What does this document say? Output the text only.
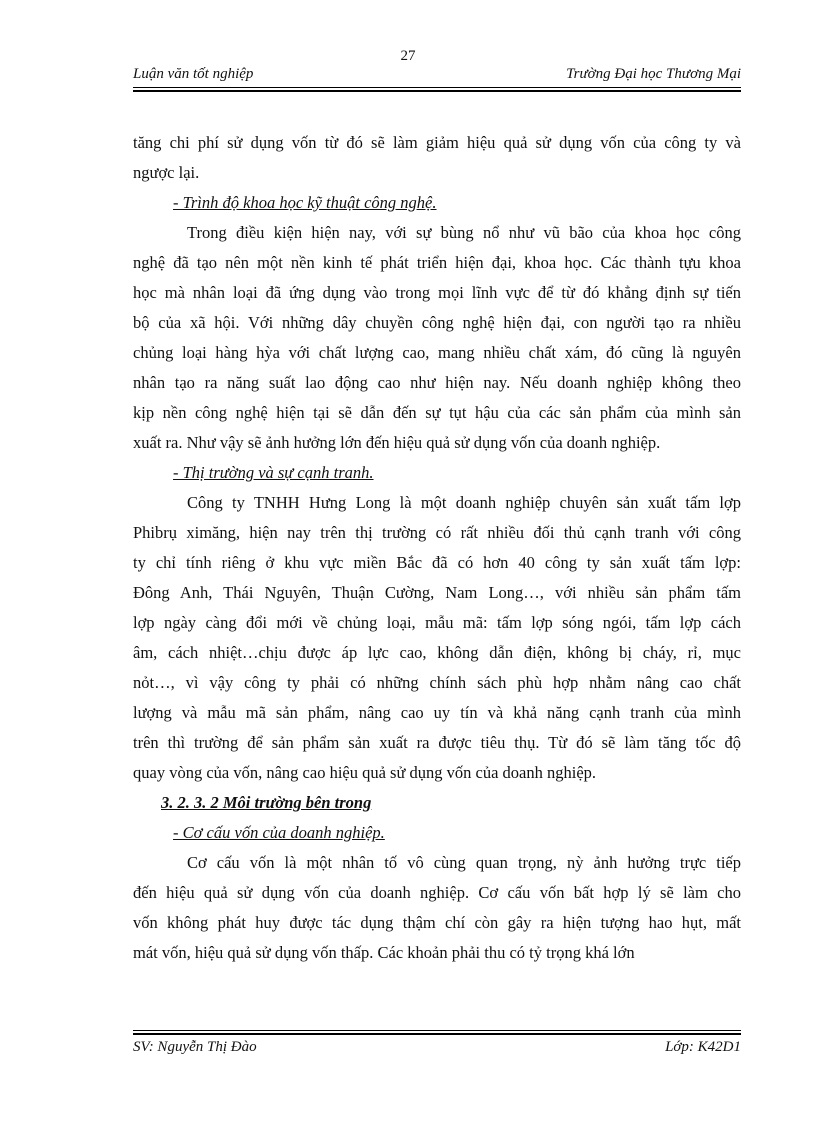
27
Luận văn tốt nghiệp	Trường Đại học Thương Mại
tăng chi phí sử dụng vốn từ đó sẽ làm giảm hiệu quả sử dụng vốn của công ty và
ngược lại.
- Trình độ khoa học kỹ thuật công nghệ.
Trong điều kiện hiện nay, với sự bùng nổ như vũ bão của khoa học công
nghệ đã tạo nên một nền kinh tế phát triển hiện đại, khoa học. Các thành tựu khoa
học mà nhân loại đã ứng dụng vào trong mọi lĩnh vực để từ đó khẳng định sự tiến
bộ của xã hội. Với những dây chuyền công nghệ hiện đại, con người tạo ra nhiều
chủng loại hàng hỳa với chất lượng cao, mang nhiều chất xám, đó cũng là nguyên
nhân tạo ra năng suất lao động cao như hiện nay. Nếu doanh nghiệp không theo
kịp nền công nghệ hiện tại sẽ dẫn đến sự tụt hậu của các sản phẩm của mình sản
xuất ra. Như vậy sẽ ảnh hưởng lớn đến hiệu quả sử dụng vốn của doanh nghiệp.
- Thị trường và sự cạnh tranh.
Công ty TNHH Hưng Long là một doanh nghiệp chuyên sản xuất tấm lợp
Phibrụ ximăng, hiện nay trên thị trường có rất nhiều đối thủ cạnh tranh với công
ty chỉ tính riêng ở khu vực miền Bắc đã có hơn 40 công ty sản xuất tấm lợp:
Đông Anh, Thái Nguyên, Thuận Cường, Nam Long…, với nhiều sản phẩm tấm
lợp ngày càng đổi mới về chủng loại, mẫu mã: tấm lợp sóng ngói, tấm lợp cách
âm, cách nhiệt…chịu được áp lực cao, không dẫn điện, không bị cháy, rỉ, mục
nỏt…, vì vậy công ty phải có những chính sách phù hợp nhằm nâng cao chất
lượng và mẫu mã sản phẩm, nâng cao uy tín và khả năng cạnh tranh của mình
trên thì trường để sản phẩm sản xuất ra được tiêu thụ. Từ đó sẽ làm tăng tốc độ
quay vòng của vốn, nâng cao hiệu quả sử dụng vốn của doanh nghiệp.
3. 2. 3. 2 Môi trường bên trong
- Cơ cấu vốn của doanh nghiệp.
Cơ cấu vốn là một nhân tố vô cùng quan trọng, nỳ ảnh hưởng trực tiếp
đến hiệu quả sử dụng vốn của doanh nghiệp. Cơ cấu vốn bất hợp lý sẽ làm cho
vốn không phát huy được tác dụng thậm chí còn gây ra hiện tượng hao hụt, mất
mát vốn, hiệu quả sử dụng vốn thấp. Các khoản phải thu có tỷ trọng khá lớn
SV: Nguyễn Thị Đào	Lớp: K42D1
